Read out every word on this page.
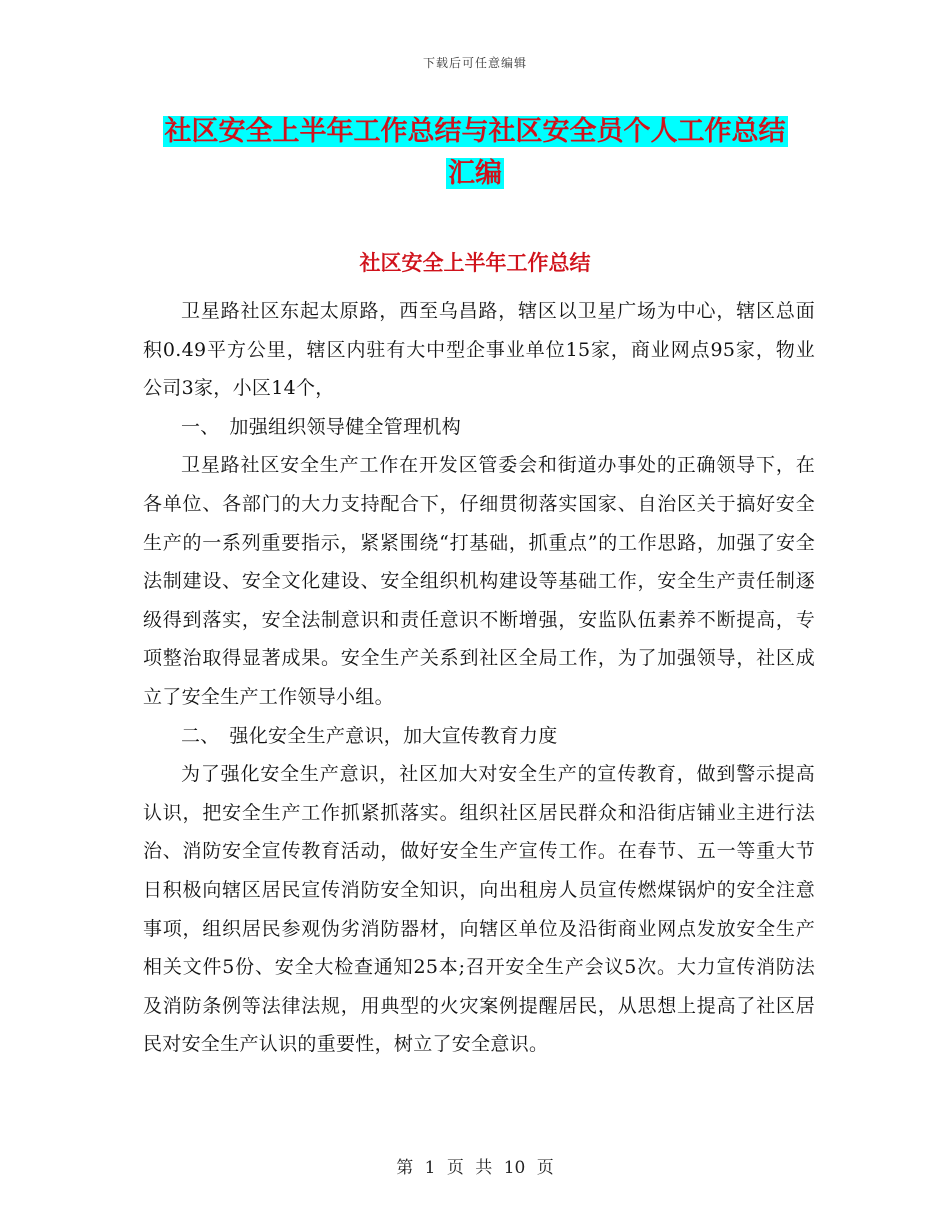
下载后可任意编辑
社区安全上半年工作总结与社区安全员个人工作总结
汇编
社区安全上半年工作总结

卫星路社区东起太原路，西至乌昌路，辖区以卫星广场为中心，辖区总面积0.49平方公里，辖区内驻有大中型企事业单位15家，商业网点95家，物业公司3家，小区14个，

一、　加强组织领导健全管理机构

卫星路社区安全生产工作在开发区管委会和街道办事处的正确领导下，在各单位、各部门的大力支持配合下，仔细贯彻落实国家、自治区关于搞好安全生产的一系列重要指示，紧紧围绕“打基础，抓重点”的工作思路，加强了安全法制建设、安全文化建设、安全组织机构建设等基础工作，安全生产责任制逐级得到落实，安全法制意识和责任意识不断增强，安监队伍素养不断提高，专项整治取得显著成果。安全生产关系到社区全局工作，为了加强领导，社区成立了安全生产工作领导小组。

二、　强化安全生产意识，加大宣传教育力度

为了强化安全生产意识，社区加大对安全生产的宣传教育，做到警示提高认识，把安全生产工作抓紧抓落实。组织社区居民群众和沿街店铺业主进行法治、消防安全宣传教育活动，做好安全生产宣传工作。在春节、五一等重大节日积极向辖区居民宣传消防安全知识，向出租房人员宣传燃煤锅炉的安全注意事项，组织居民参观伪劣消防器材，向辖区单位及沿街商业网点发放安全生产相关文件5份、安全大检查通知25本;召开安全生产会议5次。大力宣传消防法及消防条例等法律法规，用典型的火灾案例提醒居民，从思想上提高了社区居民对安全生产认识的重要性，树立了安全意识。

第 1 页 共 10 页
